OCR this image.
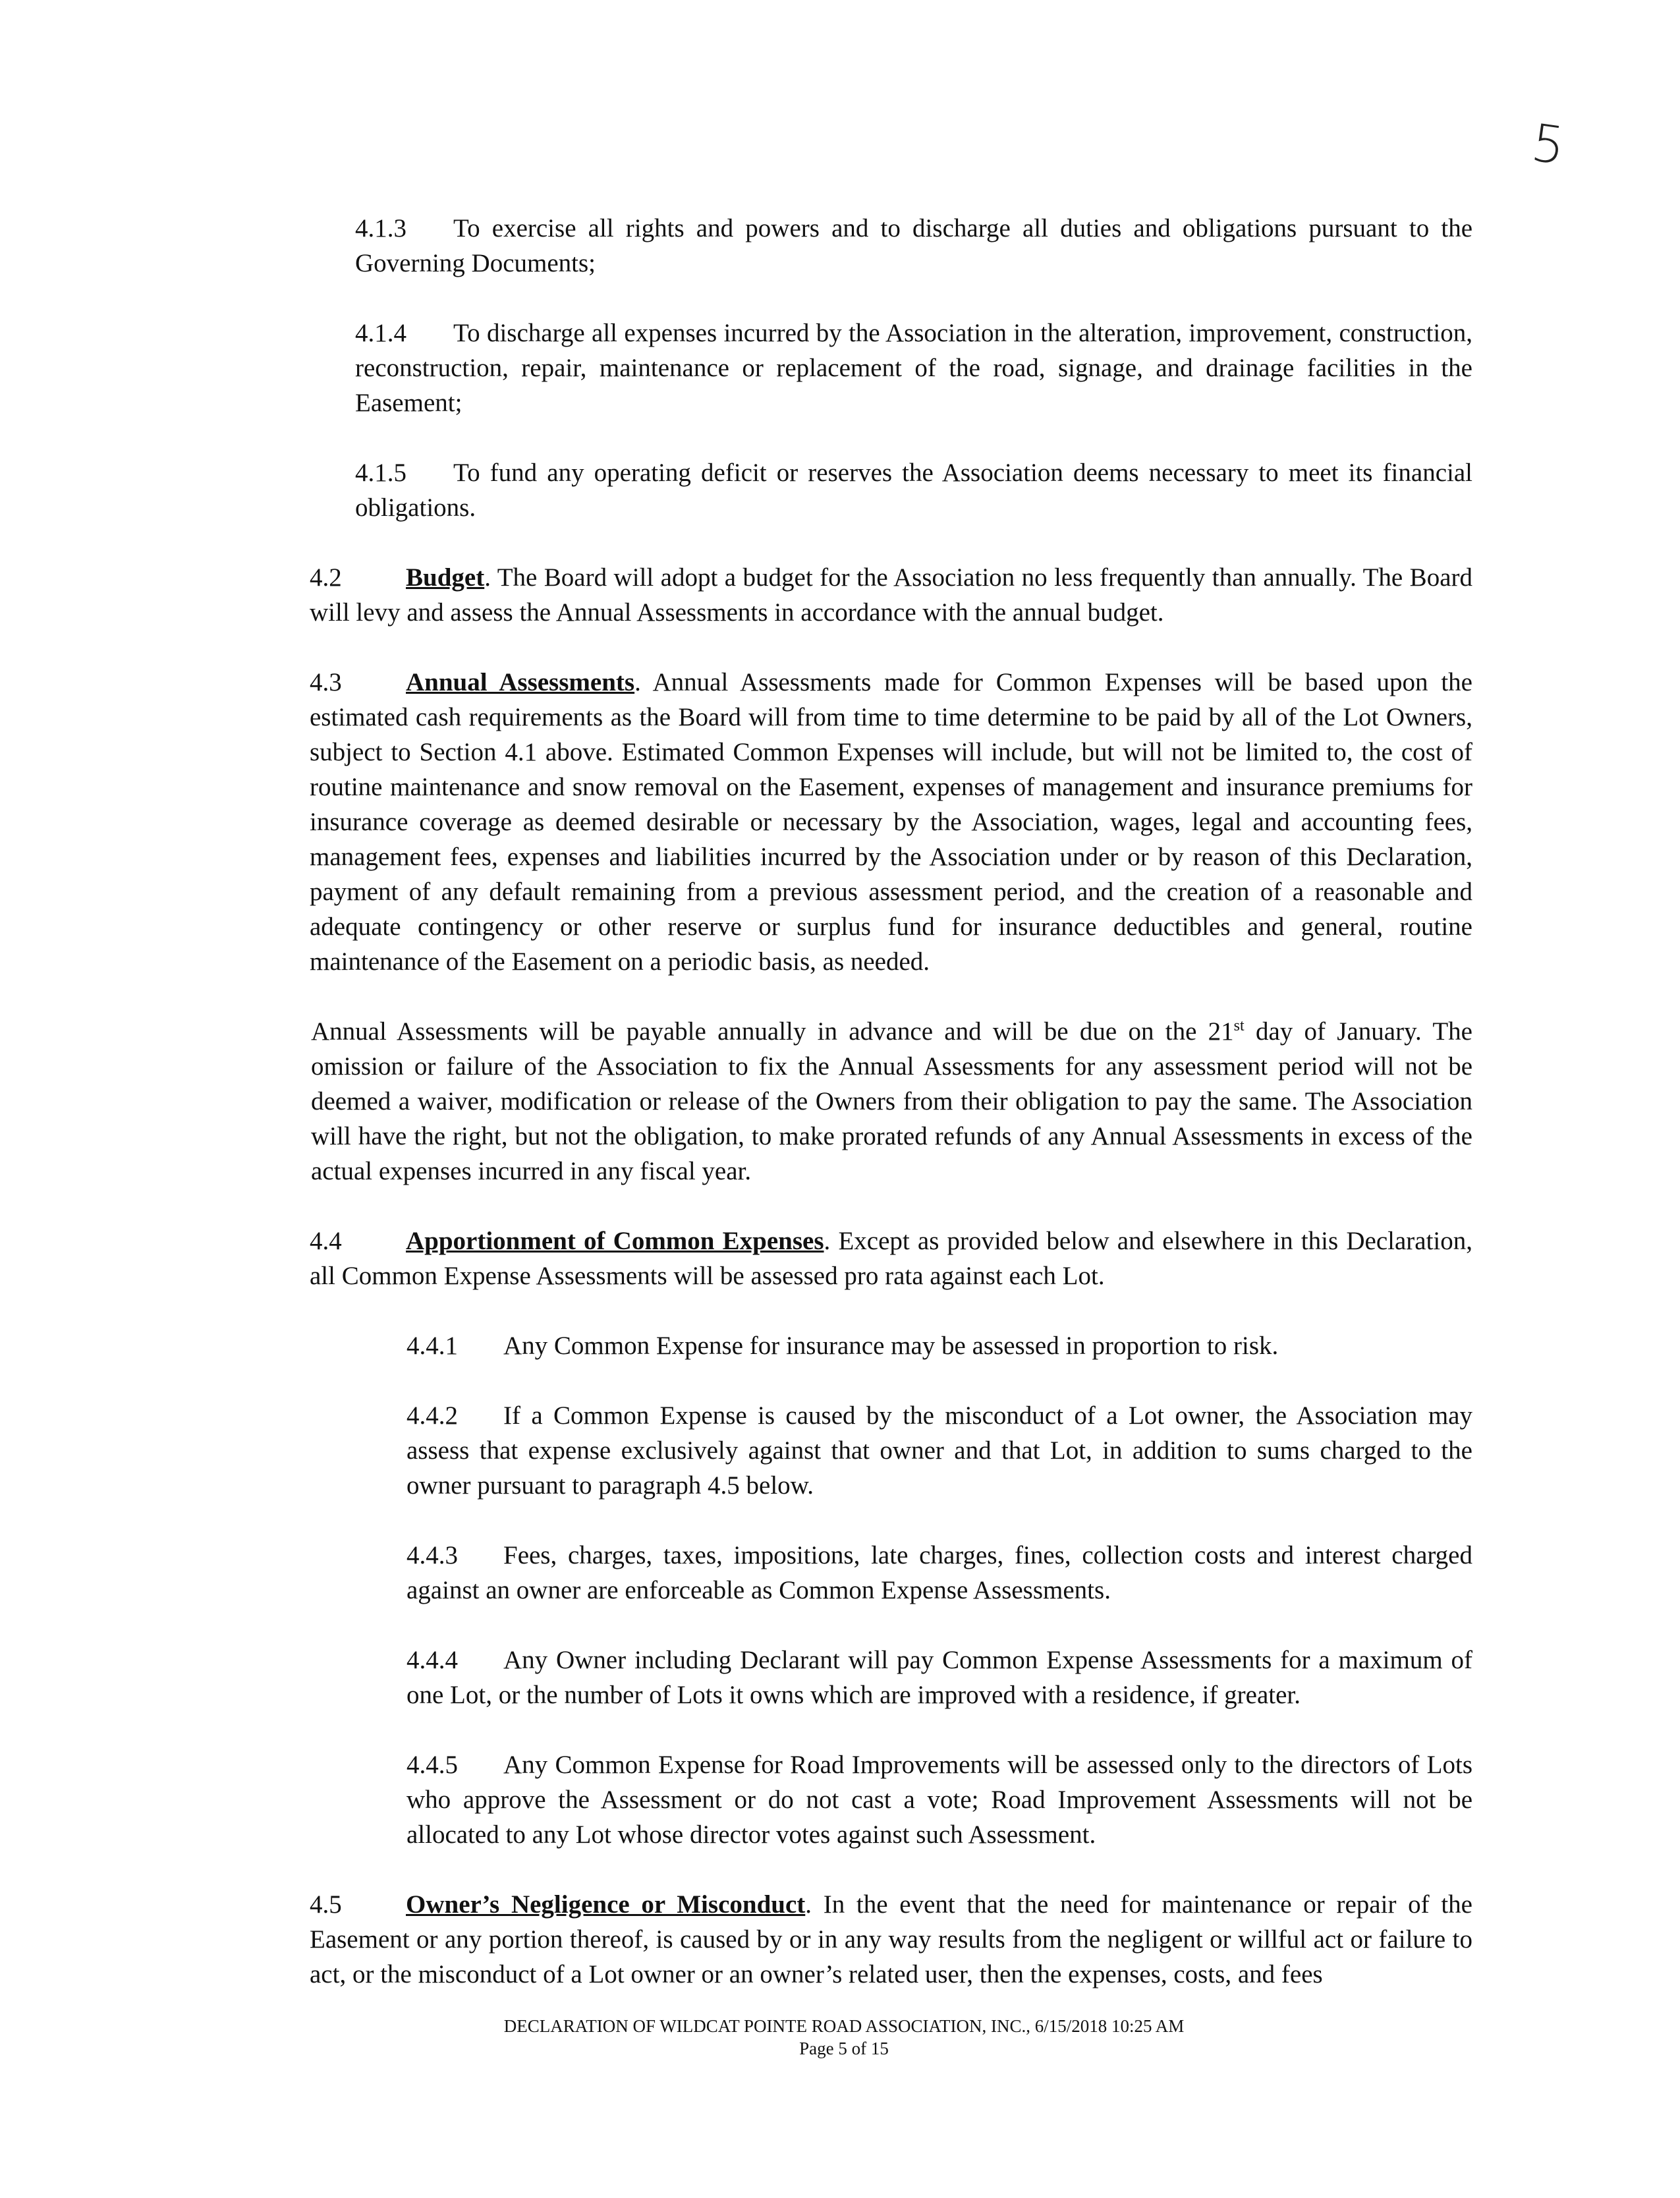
5

4.1.3 To exercise all rights and powers and to discharge all duties and obligations pursuant to the Governing Documents;

4.1.4 To discharge all expenses incurred by the Association in the alteration, improvement, construction, reconstruction, repair, maintenance or replacement of the road, signage, and drainage facilities in the Easement;

4.1.5 To fund any operating deficit or reserves the Association deems necessary to meet its financial obligations.

4.2 Budget. The Board will adopt a budget for the Association no less frequently than annually. The Board will levy and assess the Annual Assessments in accordance with the annual budget.

4.3 Annual Assessments. Annual Assessments made for Common Expenses will be based upon the estimated cash requirements as the Board will from time to time determine to be paid by all of the Lot Owners, subject to Section 4.1 above. Estimated Common Expenses will include, but will not be limited to, the cost of routine maintenance and snow removal on the Easement, expenses of management and insurance premiums for insurance coverage as deemed desirable or necessary by the Association, wages, legal and accounting fees, management fees, expenses and liabilities incurred by the Association under or by reason of this Declaration, payment of any default remaining from a previous assessment period, and the creation of a reasonable and adequate contingency or other reserve or surplus fund for insurance deductibles and general, routine maintenance of the Easement on a periodic basis, as needed.

Annual Assessments will be payable annually in advance and will be due on the 21st day of January. The omission or failure of the Association to fix the Annual Assessments for any assessment period will not be deemed a waiver, modification or release of the Owners from their obligation to pay the same. The Association will have the right, but not the obligation, to make prorated refunds of any Annual Assessments in excess of the actual expenses incurred in any fiscal year.

4.4 Apportionment of Common Expenses. Except as provided below and elsewhere in this Declaration, all Common Expense Assessments will be assessed pro rata against each Lot.

4.4.1 Any Common Expense for insurance may be assessed in proportion to risk.

4.4.2 If a Common Expense is caused by the misconduct of a Lot owner, the Association may assess that expense exclusively against that owner and that Lot, in addition to sums charged to the owner pursuant to paragraph 4.5 below.

4.4.3 Fees, charges, taxes, impositions, late charges, fines, collection costs and interest charged against an owner are enforceable as Common Expense Assessments.

4.4.4 Any Owner including Declarant will pay Common Expense Assessments for a maximum of one Lot, or the number of Lots it owns which are improved with a residence, if greater.

4.4.5 Any Common Expense for Road Improvements will be assessed only to the directors of Lots who approve the Assessment or do not cast a vote; Road Improvement Assessments will not be allocated to any Lot whose director votes against such Assessment.

4.5 Owner’s Negligence or Misconduct. In the event that the need for maintenance or repair of the Easement or any portion thereof, is caused by or in any way results from the negligent or willful act or failure to act, or the misconduct of a Lot owner or an owner’s related user, then the expenses, costs, and fees

DECLARATION OF WILDCAT POINTE ROAD ASSOCIATION, INC., 6/15/2018 10:25 AM
Page 5 of 15
